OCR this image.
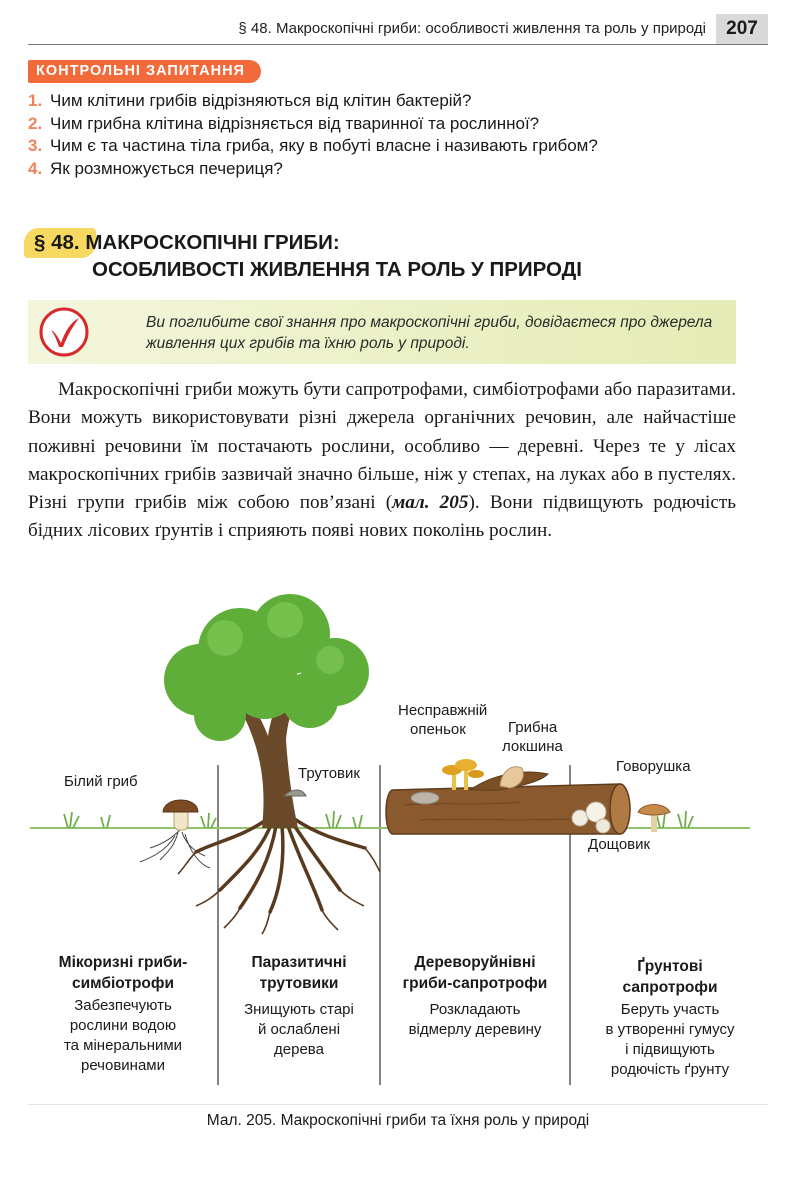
§ 48. Макроскопічні гриби: особливості живлення та роль у природі	207
КОНТРОЛЬНІ ЗАПИТАННЯ
1. Чим клітини грибів відрізняються від клітин бактерій?
2. Чим грибна клітина відрізняється від тваринної та рослинної?
3. Чим є та частина тіла гриба, яку в побуті власне і називають грибом?
4. Як розмножується печериця?
§ 48. МАКРОСКОПІЧНІ ГРИБИ:
ОСОБЛИВОСТІ ЖИВЛЕННЯ ТА РОЛЬ У ПРИРОДІ
Ви поглибите свої знання про макроскопічні гриби, довідаєтеся про джерела живлення цих грибів та їхню роль у природі.

Макроскопічні гриби можуть бути сапротрофами, симбіотрофами або паразитами. Вони можуть використовувати різні джерела органічних речовин, але найчастіше поживні речовини їм постачають рослини, особливо — деревні. Через те у лісах макроскопічних грибів зазвичай значно більше, ніж у степах, на луках або в пустелях. Різні групи грибів між собою пов’язані (мал. 205). Вони підвищують родючість бідних лісових ґрунтів і сприяють появі нових поколінь рослин.

Білий гриб	Трутовик
Несправжній
опеньок	Грибна
локшина
Говорушка
Дощовик
Мікоризні гриби-
симбіотрофи
Забезпечують
рослини водою
та мінеральними
речовинами
Паразитичні
трутовики
Знищують старі
й ослаблені
дерева
Дереворуйнівні
гриби-сапротрофи
Розкладають
відмерлу деревину
Ґрунтові
сапротрофи
Беруть участь
в утворенні гумусу
і підвищують
родючість ґрунту
Мал. 205. Макроскопічні гриби та їхня роль у природі
